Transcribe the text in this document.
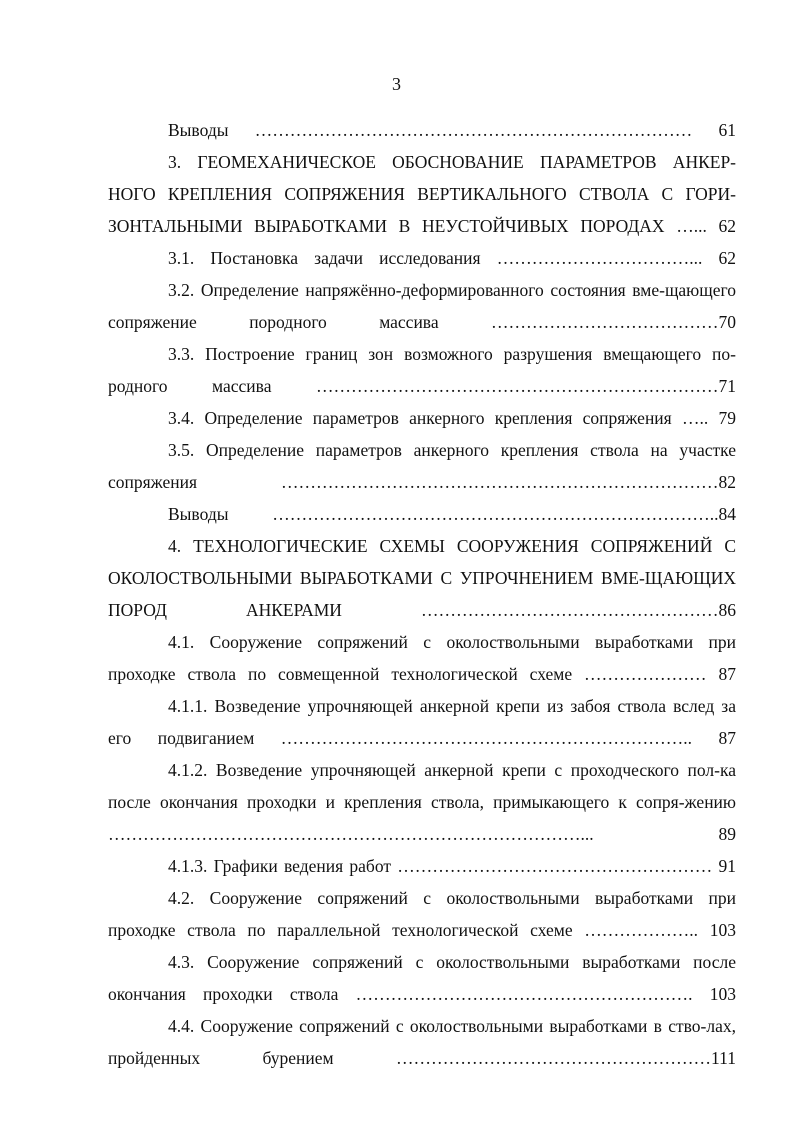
3

Выводы ………………………………………………………………… 61

3. ГЕОМЕХАНИЧЕСКОЕ ОБОСНОВАНИЕ ПАРАМЕТРОВ АНКЕР-НОГО КРЕПЛЕНИЯ СОПРЯЖЕНИЯ ВЕРТИКАЛЬНОГО СТВОЛА С ГОРИ-ЗОНТАЛЬНЫМИ ВЫРАБОТКАМИ В НЕУСТОЙЧИВЫХ ПОРОДАХ …... 62

3.1. Постановка задачи исследования ……………………………... 62

3.2. Определение напряжённо-деформированного состояния вме-щающего сопряжение породного массива …………………………………70

3.3. Построение границ зон возможного разрушения вмещающего по-родного массива ……………………………………………………………71

3.4. Определение параметров анкерного крепления сопряжения ….. 79

3.5. Определение параметров анкерного крепления ствола на участке сопряжения …………………………………………………………………82

Выводы …………………………………………………………………..84

4. ТЕХНОЛОГИЧЕСКИЕ СХЕМЫ СООРУЖЕНИЯ СОПРЯЖЕНИЙ С ОКОЛОСТВОЛЬНЫМИ ВЫРАБОТКАМИ С УПРОЧНЕНИЕМ ВМЕ-ЩАЮЩИХ ПОРОД АНКЕРАМИ ……………………………………………86

4.1. Сооружение сопряжений с околоствольными выработками при проходке ствола по совмещенной технологической схеме ………………… 87

4.1.1. Возведение упрочняющей анкерной крепи из забоя ствола вслед за его подвиганием …………………………………………………………….. 87

4.1.2. Возведение упрочняющей анкерной крепи с проходческого пол-ка после окончания проходки и крепления ствола, примыкающего к сопря-жению ………………………………………………………………………... 89

4.1.3. Графики ведения работ ……………………………………………… 91

4.2. Сооружение сопряжений с околоствольными выработками при проходке ствола по параллельной технологической схеме ……………….. 103

4.3. Сооружение сопряжений с околоствольными выработками после окончания проходки ствола …………………………………………………. 103

4.4. Сооружение сопряжений с околоствольными выработками в ство-лах, пройденных бурением ………………………………………………111
